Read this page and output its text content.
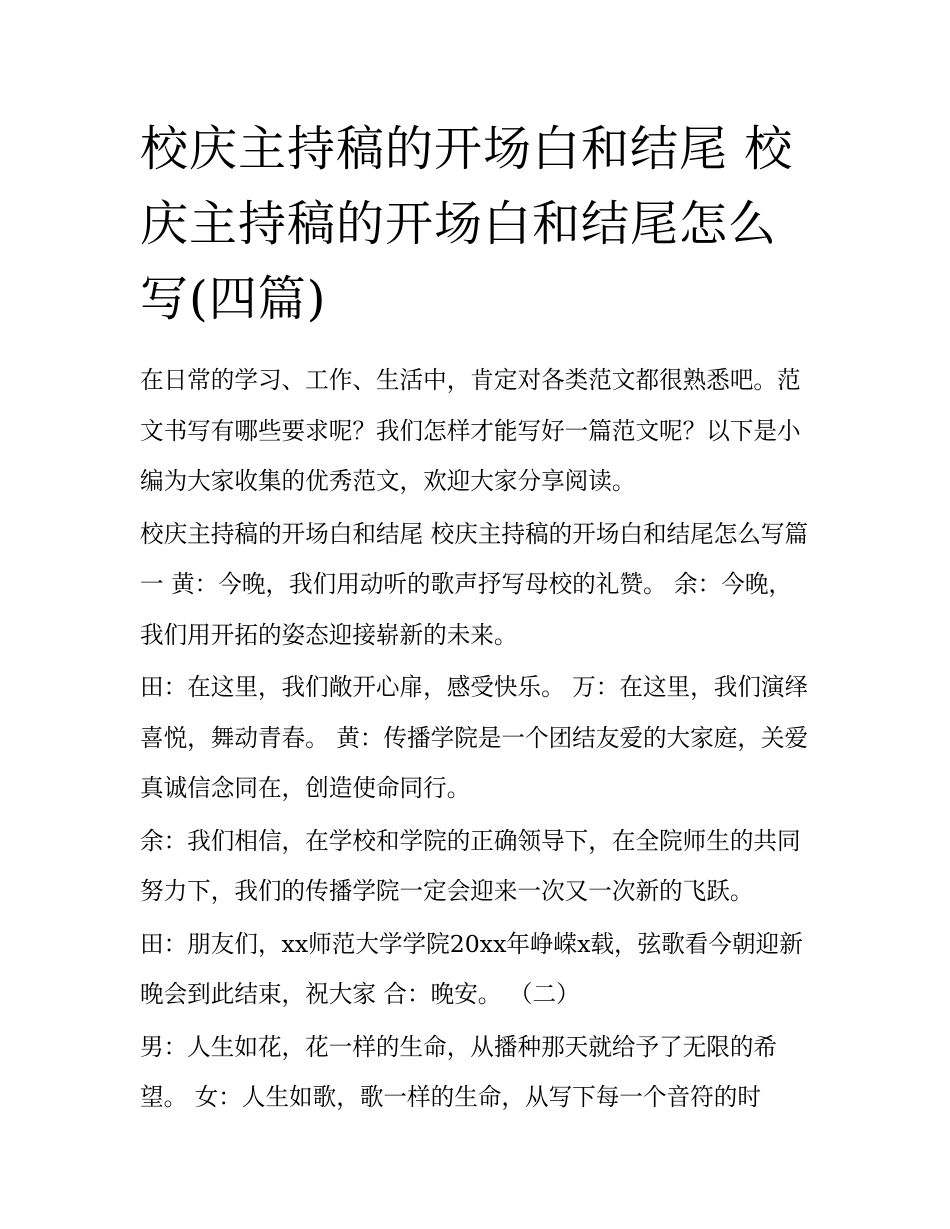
校庆主持稿的开场白和结尾 校庆主持稿的开场白和结尾怎么写(四篇)

在日常的学习、工作、生活中，肯定对各类范文都很熟悉吧。范文书写有哪些要求呢？我们怎样才能写好一篇范文呢？以下是小编为大家收集的优秀范文，欢迎大家分享阅读。

校庆主持稿的开场白和结尾 校庆主持稿的开场白和结尾怎么写篇一 黄：今晚，我们用动听的歌声抒写母校的礼赞。 余：今晚，我们用开拓的姿态迎接崭新的未来。

田：在这里，我们敞开心扉，感受快乐。 万：在这里，我们演绎喜悦，舞动青春。 黄：传播学院是一个团结友爱的大家庭，关爱真诚信念同在，创造使命同行。

余：我们相信，在学校和学院的正确领导下，在全院师生的共同努力下，我们的传播学院一定会迎来一次又一次新的飞跃。

田：朋友们，xx师范大学学院20xx年峥嵘x载，弦歌看今朝迎新晚会到此结束，祝大家 合：晚安。 （二）

男：人生如花，花一样的生命，从播种那天就给予了无限的希望。 女：人生如歌，歌一样的生命，从写下每一个音符的时
